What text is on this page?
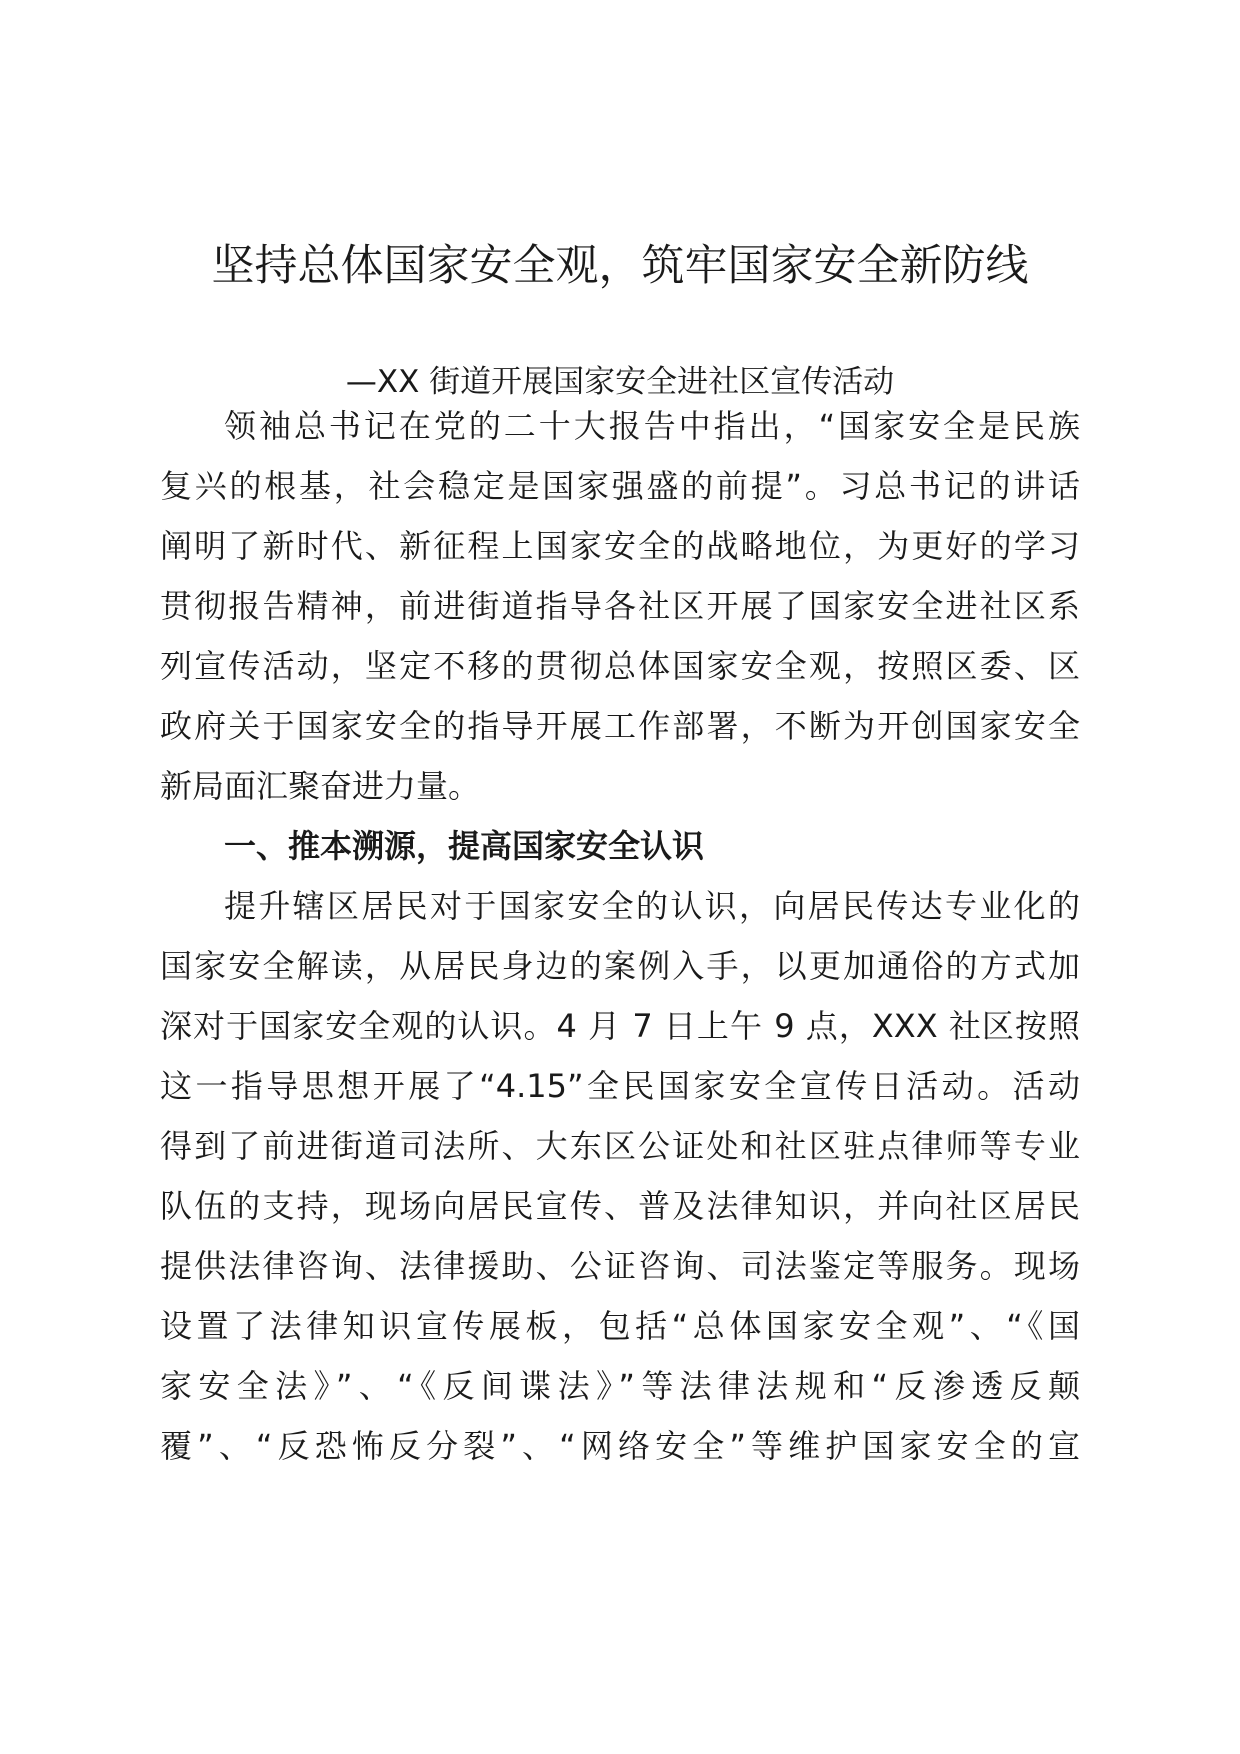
坚持总体国家安全观，筑牢国家安全新防线
—XX 街道开展国家安全进社区宣传活动
领袖总书记在党的二十大报告中指出，“国家安全是民族
复兴的根基，社会稳定是国家强盛的前提”。习总书记的讲话
阐明了新时代、新征程上国家安全的战略地位，为更好的学习
贯彻报告精神，前进街道指导各社区开展了国家安全进社区系
列宣传活动，坚定不移的贯彻总体国家安全观，按照区委、区
政府关于国家安全的指导开展工作部署，不断为开创国家安全
新局面汇聚奋进力量。
一、推本溯源，提高国家安全认识
提升辖区居民对于国家安全的认识，向居民传达专业化的
国家安全解读，从居民身边的案例入手，以更加通俗的方式加
深对于国家安全观的认识。4 月 7 日上午 9 点，XXX 社区按照
这一指导思想开展了“4.15”全民国家安全宣传日活动。活动
得到了前进街道司法所、大东区公证处和社区驻点律师等专业
队伍的支持，现场向居民宣传、普及法律知识，并向社区居民
提供法律咨询、法律援助、公证咨询、司法鉴定等服务。现场
设置了法律知识宣传展板，包括“总体国家安全观”、“《国
家安全法》”、“《反间谍法》”等法律法规和“反渗透反颠
覆”、“反恐怖反分裂”、“网络安全”等维护国家安全的宣
